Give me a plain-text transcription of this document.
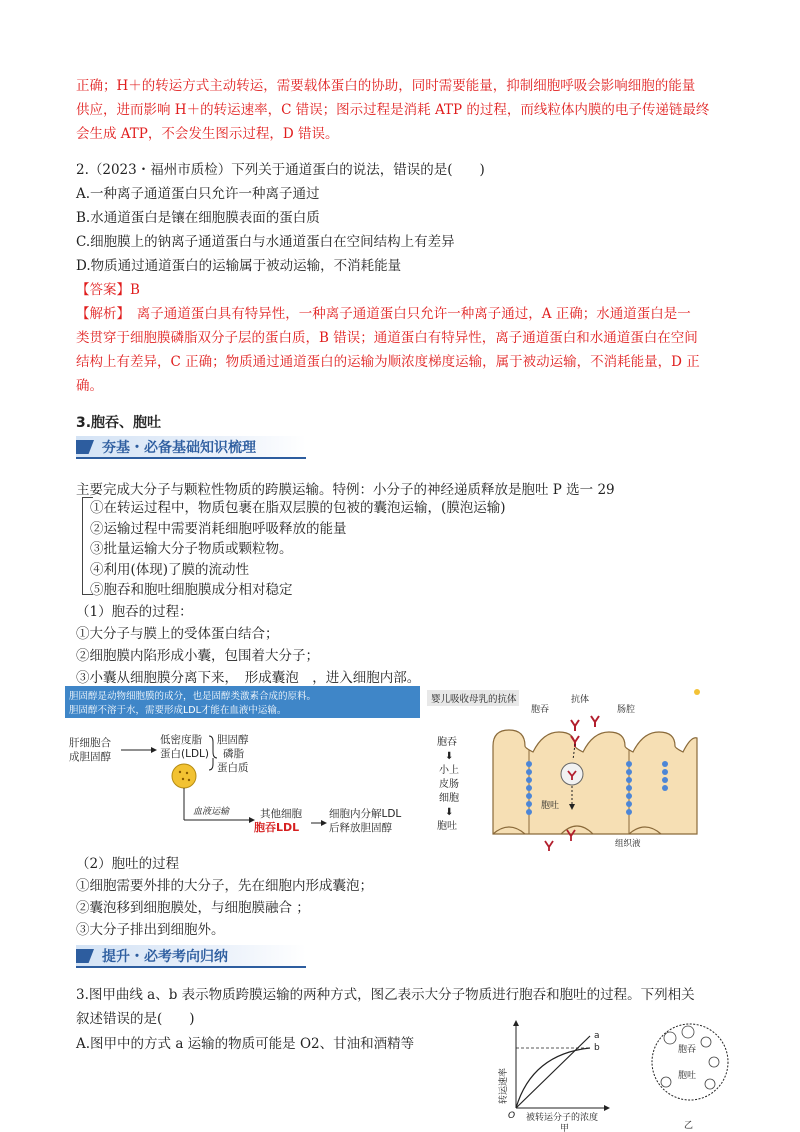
正确；H＋的转运方式主动转运，需要载体蛋白的协助，同时需要能量，抑制细胞呼吸会影响细胞的能量
供应，进而影响 H＋的转运速率，C 错误；图示过程是消耗 ATP 的过程，而线粒体内膜的电子传递链最终
会生成 ATP，不会发生图示过程，D 错误。
2.（2023・福州市质检）下列关于通道蛋白的说法，错误的是(　　)
A.一种离子通道蛋白只允许一种离子通过
B.水通道蛋白是镶在细胞膜表面的蛋白质
C.细胞膜上的钠离子通道蛋白与水通道蛋白在空间结构上有差异
D.物质通过通道蛋白的运输属于被动运输，不消耗能量
【答案】B
【解析】　离子通道蛋白具有特异性，一种离子通道蛋白只允许一种离子通过，A 正确；水通道蛋白是一
类贯穿于细胞膜磷脂双分子层的蛋白质，B 错误；通道蛋白有特异性，离子通道蛋白和水通道蛋白在空间
结构上有差异，C 正确；物质通过通道蛋白的运输为顺浓度梯度运输，属于被动运输，不消耗能量，D 正
确。
3.胞吞、胞吐
夯基・必备基础知识梳理
主要完成大分子与颗粒性物质的跨膜运输。特例：小分子的神经递质释放是胞吐 P 选一 29
①在转运过程中，物质包裹在脂双层膜的包被的囊泡运输，(膜泡运输)
②运输过程中需要消耗细胞呼吸释放的能量
③批量运输大分子物质或颗粒物。
④利用(体现)了膜的流动性
⑤胞吞和胞吐细胞膜成分相对稳定
（1）胞吞的过程：
①大分子与膜上的受体蛋白结合；
②细胞膜内陷形成小囊，包围着大分子；
③小囊从细胞膜分离下来，　形成囊泡　，进入细胞内部。
胆固醇是动物细胞膜的成分，也是固醇类激素合成的原料。
胆固醇不溶于水，需要形成LDL才能在血液中运输。
肝细胞合
成胆固醇
低密度脂
蛋白(LDL)
胆固醇
磷脂
蛋白质
血液运输	其他细胞
胞吞LDL
细胞内分解LDL
后释放胆固醇
婴儿吸收母乳的抗体
胞吞
⬇
小上
皮肠
细胞
⬇
胞吐
胞吞
抗体
肠腔
胞吐
组织液
（2）胞吐的过程
①细胞需要外排的大分子，先在细胞内形成囊泡；
②囊泡移到细胞膜处，与细胞膜融合 ；
③大分子排出到细胞外。
提升・必考考向归纳
3.图甲曲线 a、b 表示物质跨膜运输的两种方式，图乙表示大分子物质进行胞吞和胞吐的过程。下列相关
叙述错误的是(　　)
A.图甲中的方式 a 运输的物质可能是 O2、甘油和酒精等
转运速率
a
b
O 被转运分子的浓度
甲
胞吞
胞吐
乙
